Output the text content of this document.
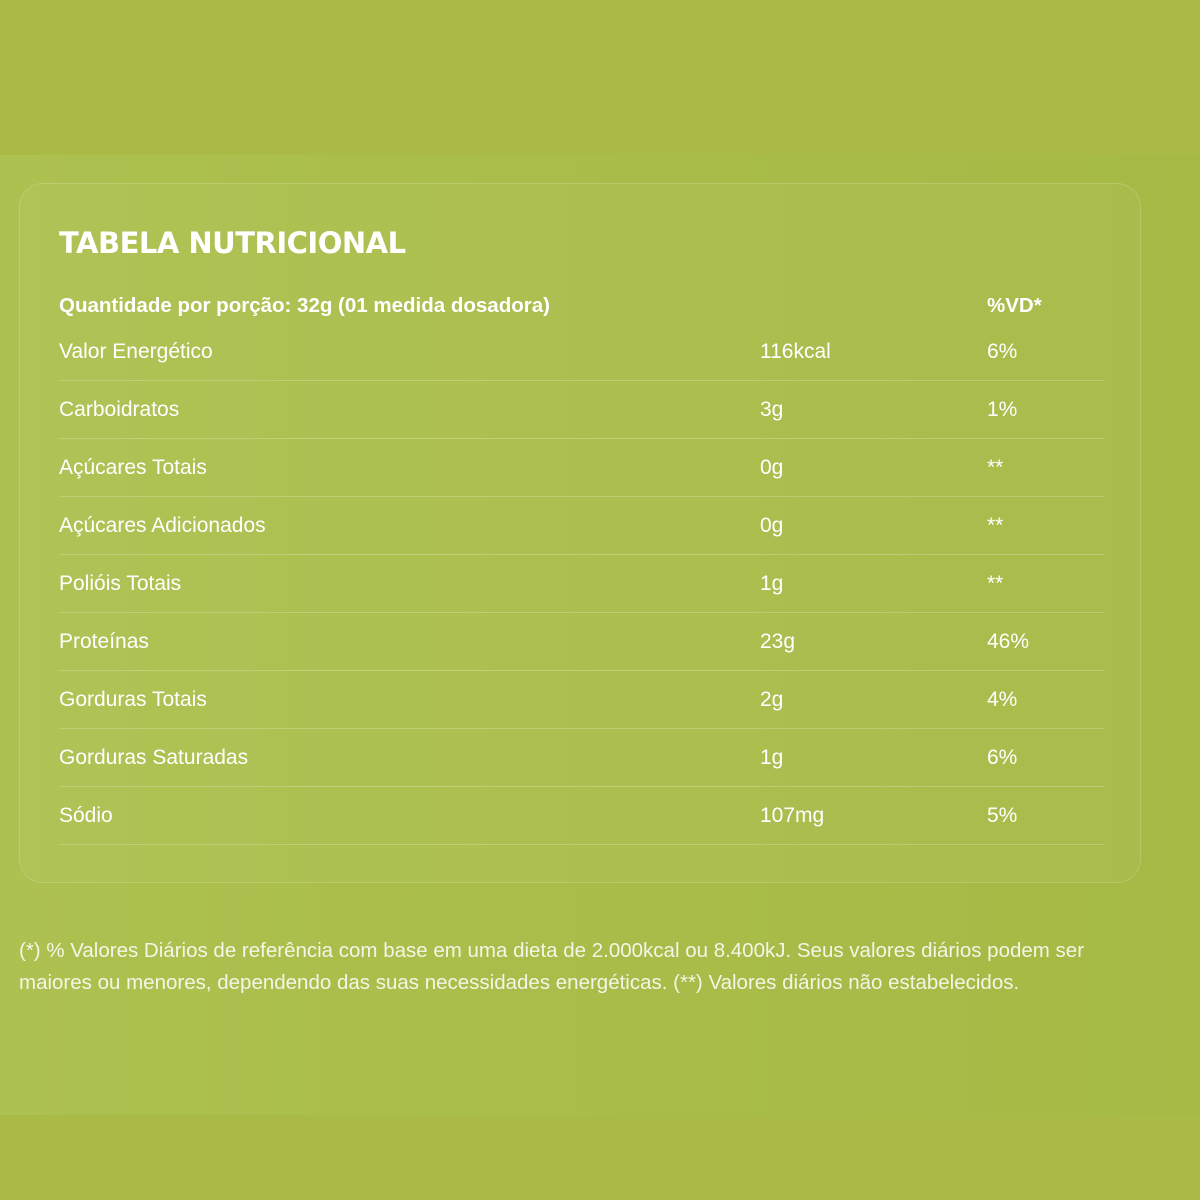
TABELA NUTRICIONAL
Quantidade por porção: 32g (01 medida dosadora)	%VD*
Valor Energético	116kcal	6%
Carboidratos	3g	1%
Açúcares Totais	0g	**
Açúcares Adicionados	0g	**
Polióis Totais	1g	**
Proteínas	23g	46%
Gorduras Totais	2g	4%
Gorduras Saturadas	1g	6%
Sódio	107mg	5%

(*) % Valores Diários de referência com base em uma dieta de 2.000kcal ou 8.400kJ. Seus valores diários podem ser maiores ou menores, dependendo das suas necessidades energéticas. (**) Valores diários não estabelecidos.
